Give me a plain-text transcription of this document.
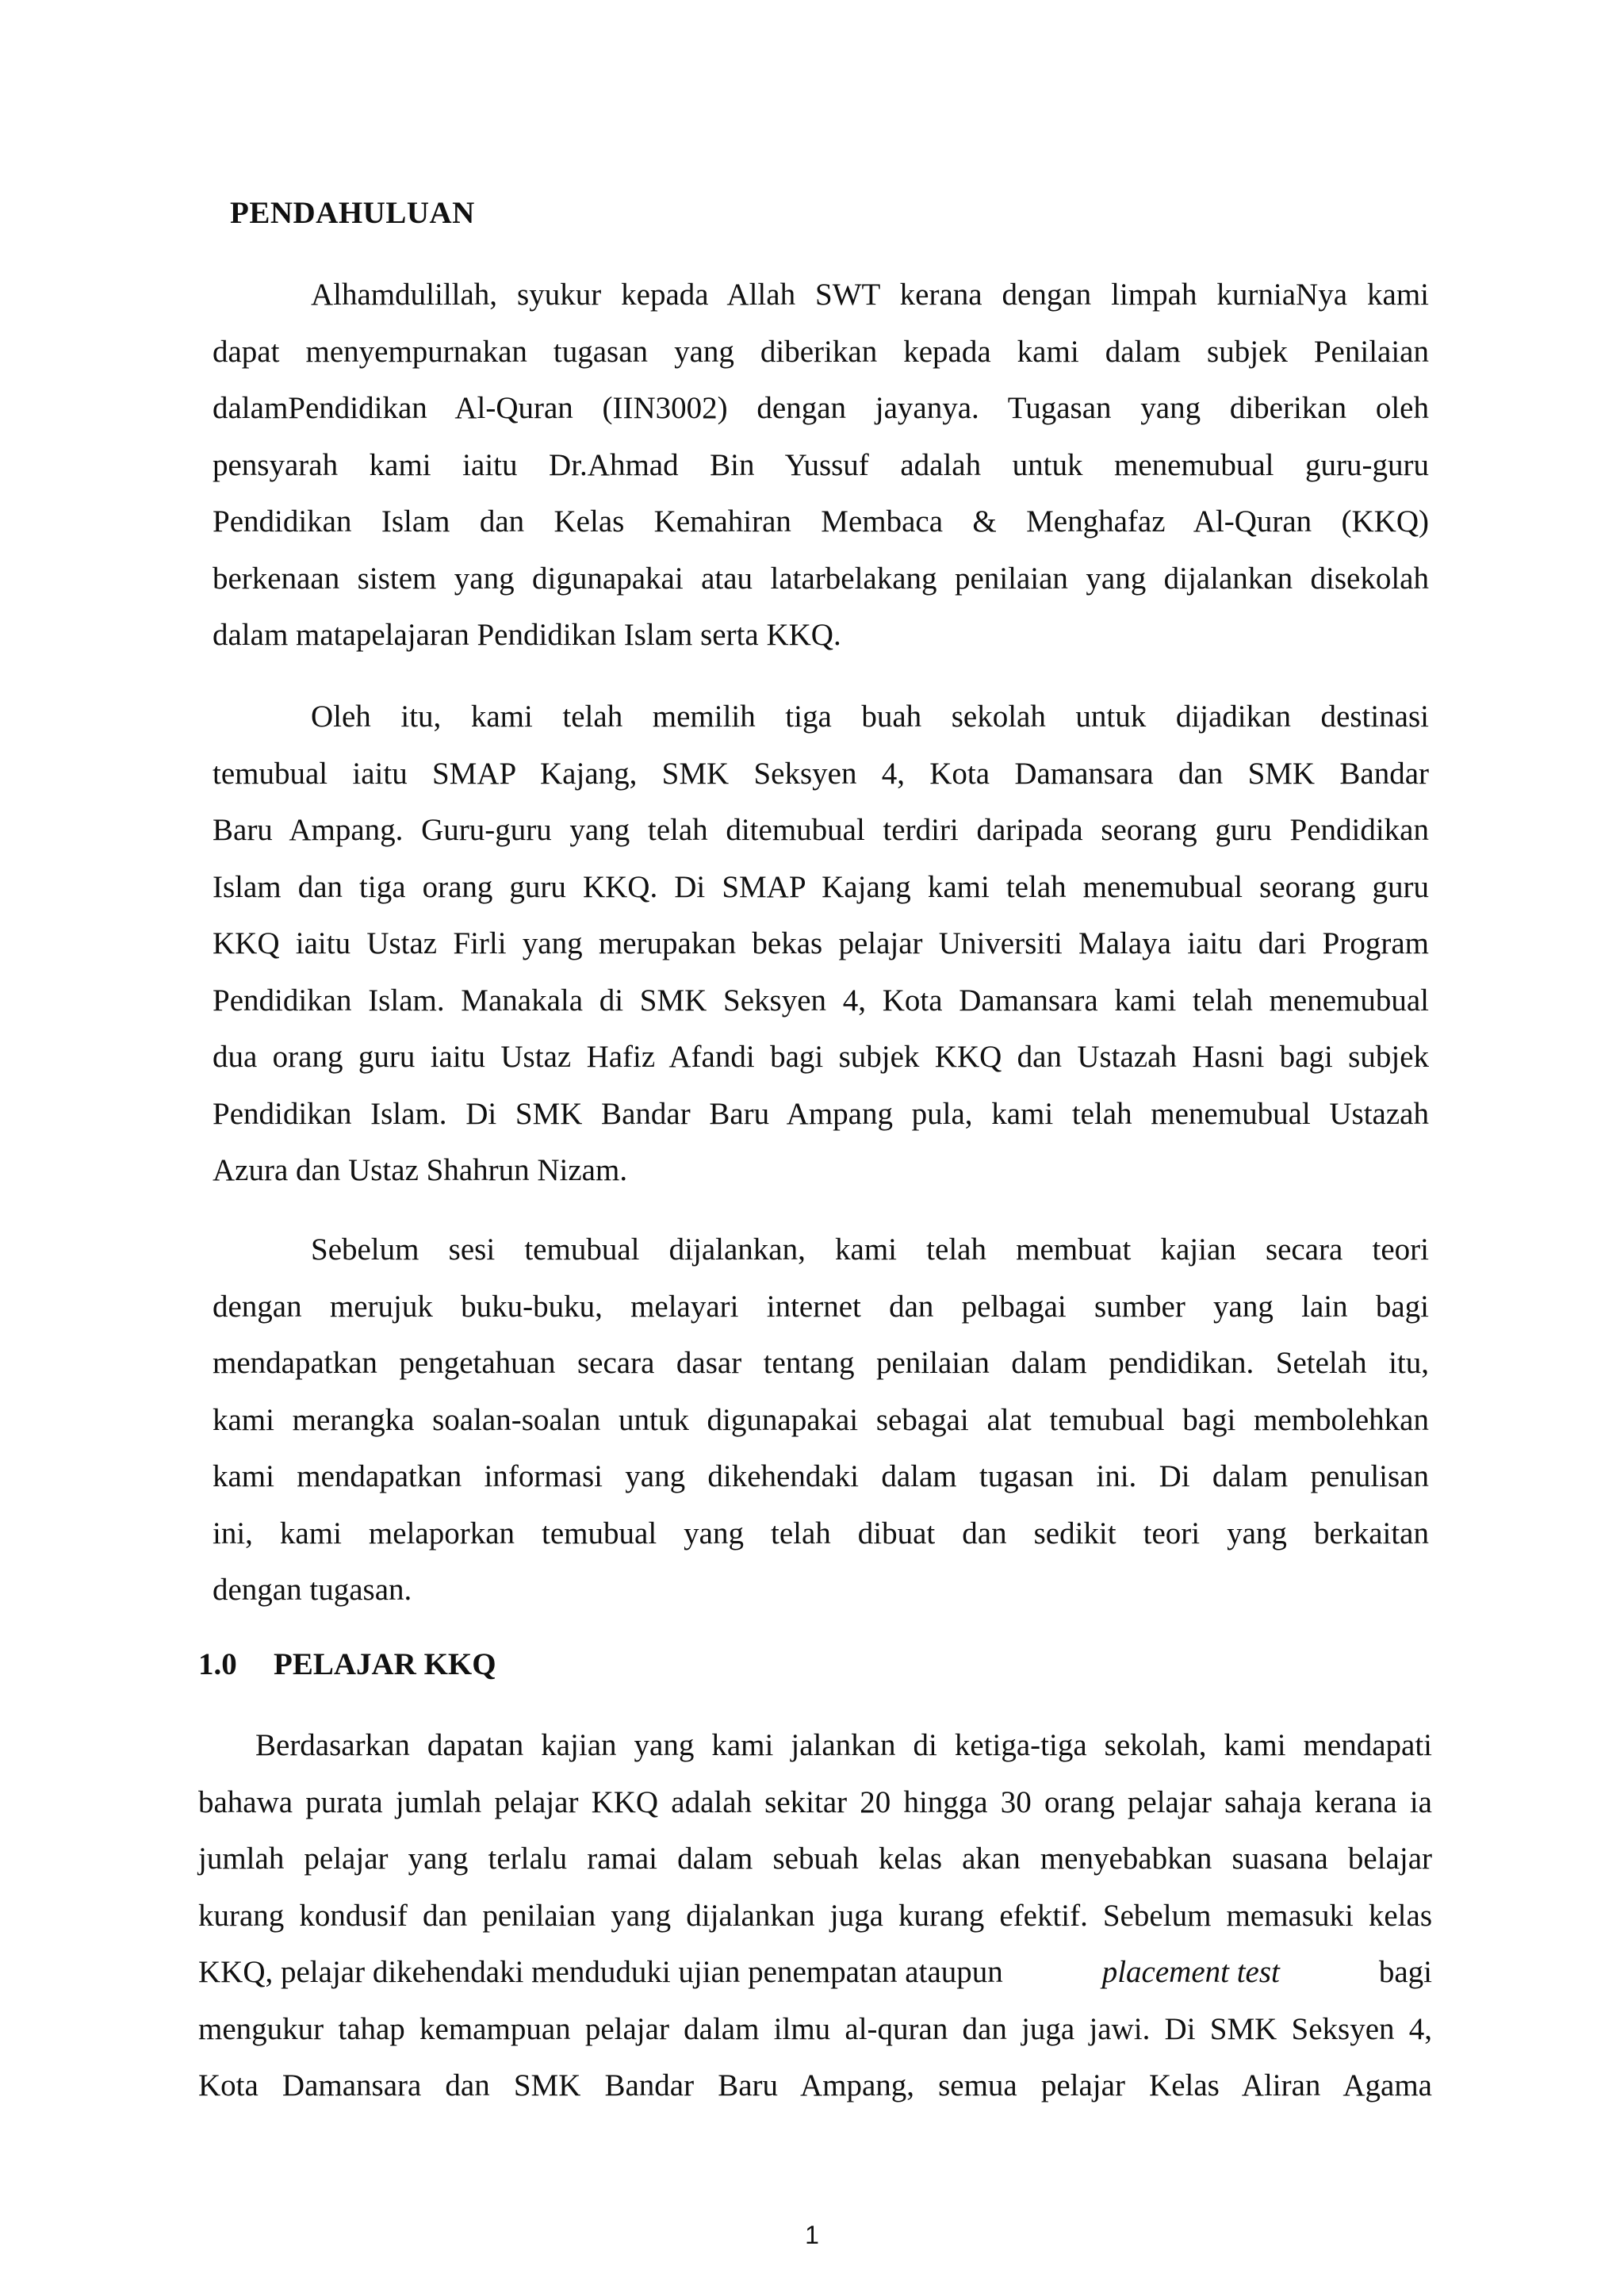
PENDAHULUAN
Alhamdulillah, syukur kepada Allah SWT kerana dengan limpah kurniaNya kami
dapat menyempurnakan tugasan yang diberikan kepada kami dalam subjek Penilaian
dalamPendidikan Al-Quran (IIN3002) dengan jayanya. Tugasan yang diberikan oleh
pensyarah kami iaitu Dr.Ahmad Bin Yussuf adalah untuk menemubual guru-guru
Pendidikan Islam dan Kelas Kemahiran Membaca & Menghafaz Al-Quran (KKQ)
berkenaan sistem yang digunapakai atau latarbelakang penilaian yang dijalankan disekolah
dalam matapelajaran Pendidikan Islam serta KKQ.
Oleh itu, kami telah memilih tiga buah sekolah untuk dijadikan destinasi
temubual iaitu SMAP Kajang, SMK Seksyen 4, Kota Damansara dan SMK Bandar
Baru Ampang. Guru-guru yang telah ditemubual terdiri daripada seorang guru Pendidikan
Islam dan tiga orang guru KKQ. Di SMAP Kajang kami telah menemubual seorang guru
KKQ iaitu Ustaz Firli yang merupakan bekas pelajar Universiti Malaya iaitu dari Program
Pendidikan Islam. Manakala di SMK Seksyen 4, Kota Damansara kami telah menemubual
dua orang guru iaitu Ustaz Hafiz Afandi bagi subjek KKQ dan Ustazah Hasni bagi subjek
Pendidikan Islam. Di SMK Bandar Baru Ampang pula, kami telah menemubual Ustazah
Azura dan Ustaz Shahrun Nizam.
Sebelum sesi temubual dijalankan, kami telah membuat kajian secara teori
dengan merujuk buku-buku, melayari internet dan pelbagai sumber yang lain bagi
mendapatkan pengetahuan secara dasar tentang penilaian dalam pendidikan. Setelah itu,
kami merangka soalan-soalan untuk digunapakai sebagai alat temubual bagi membolehkan
kami mendapatkan informasi yang dikehendaki dalam tugasan ini. Di dalam penulisan
ini, kami melaporkan temubual yang telah dibuat dan sedikit teori yang berkaitan
dengan tugasan.
1.0 PELAJAR KKQ
Berdasarkan dapatan kajian yang kami jalankan di ketiga-tiga sekolah, kami mendapati
bahawa purata jumlah pelajar KKQ adalah sekitar 20 hingga 30 orang pelajar sahaja kerana ia
jumlah pelajar yang terlalu ramai dalam sebuah kelas akan menyebabkan suasana belajar
kurang kondusif dan penilaian yang dijalankan juga kurang efektif. Sebelum memasuki kelas
KKQ, pelajar dikehendaki menduduki ujian penempatan ataupun	placement test	bagi
mengukur tahap kemampuan pelajar dalam ilmu al-quran dan juga jawi. Di SMK Seksyen 4,
Kota Damansara dan SMK Bandar Baru Ampang, semua pelajar Kelas Aliran Agama
1
